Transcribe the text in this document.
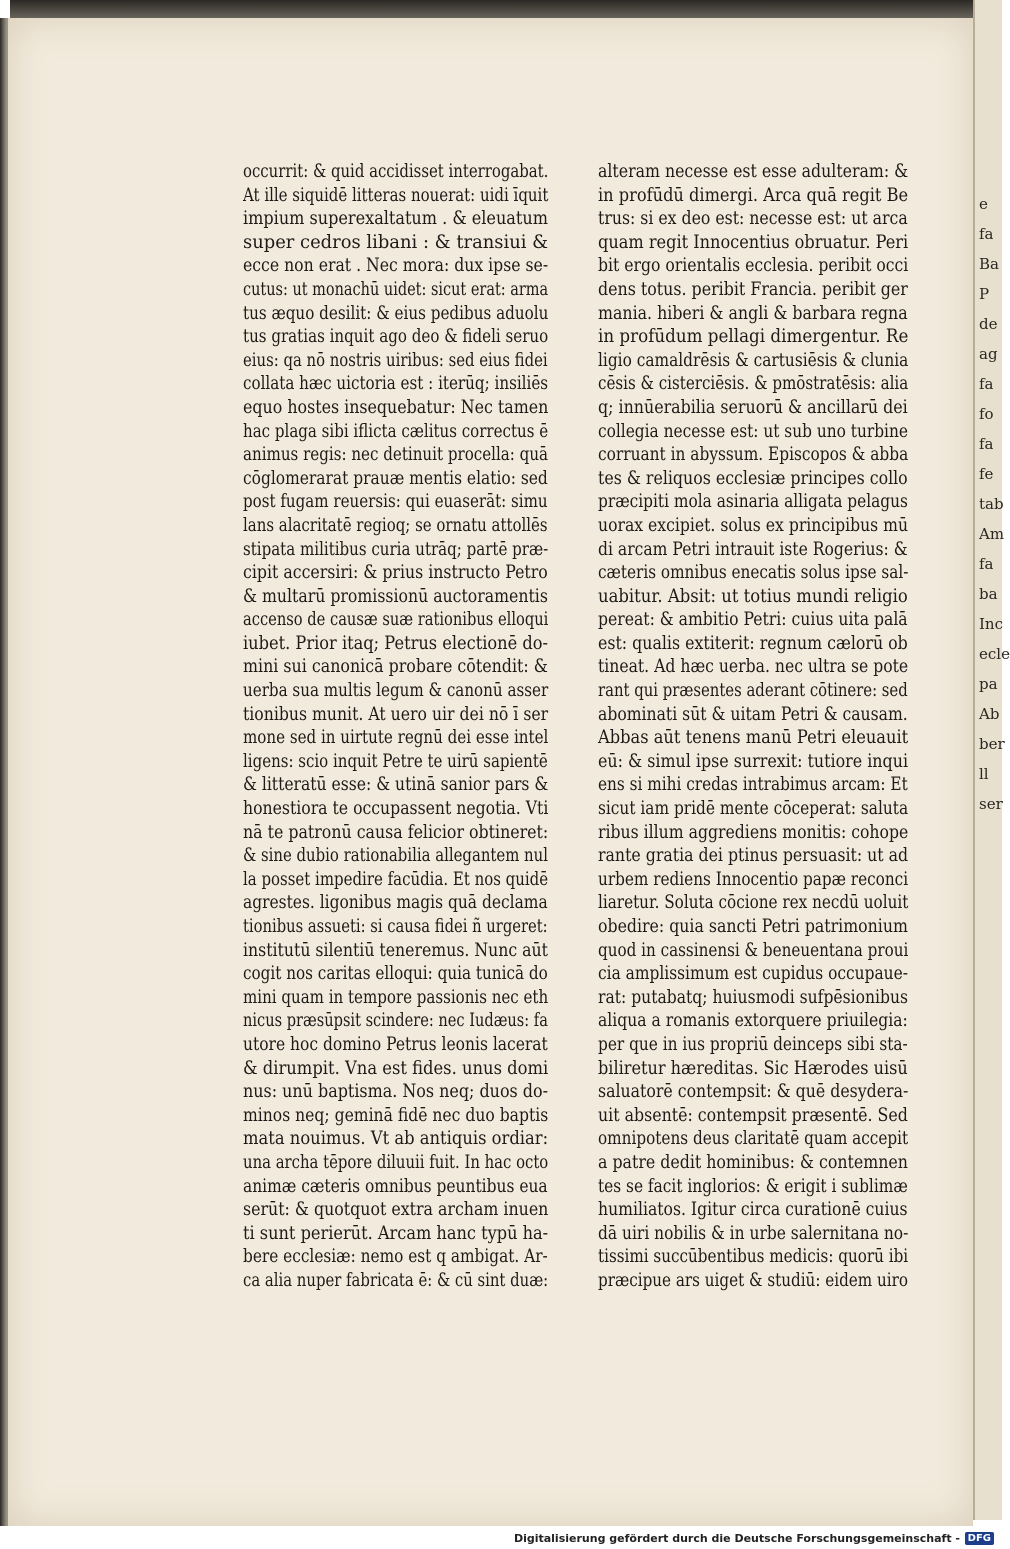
e
fa
Ba
P
de
ag
fa
fo
fa
fe
tab
Am
fa
ba
Inc
ecle
pa
Ab
ber
ll
ser
occurrit: & quid accidisset interrogabat.
At ille siquidē litteras nouerat: uidi īquit
impium superexaltatum . & eleuatum
super cedros libani : & transiui &
ecce non erat . Nec mora: dux ipse se-
cutus: ut monachū uidet: sicut erat: arma
tus æquo desilit: & eius pedibus aduolu
tus gratias inquit ago deo & fideli seruo
eius: qa nō nostris uiribus: sed eius fidei
collata hæc uictoria est : iterūq; insiliēs
equo hostes insequebatur: Nec tamen
hac plaga sibi iflicta cælitus correctus ē
animus regis: nec detinuit procella: quā
cōglomerarat prauæ mentis elatio: sed
post fugam reuersis: qui euaserāt: simu
lans alacritatē regioq; se ornatu attollēs
stipata militibus curia utrāq; partē præ-
cipit accersiri: & prius instructo Petro
& multarū promissionū auctoramentis
accenso de causæ suæ rationibus elloqui
iubet. Prior itaq; Petrus electionē do-
mini sui canonicā probare cōtendit: &
uerba sua multis legum & canonū asser
tionibus munit. At uero uir dei nō ī ser
mone sed in uirtute regnū dei esse intel
ligens: scio inquit Petre te uirū sapientē
& litteratū esse: & utinā sanior pars &
honestiora te occupassent negotia. Vti
nā te patronū causa felicior obtineret:
& sine dubio rationabilia allegantem nul
la posset impedire facūdia. Et nos quidē
agrestes. ligonibus magis quā declama
tionibus assueti: si causa fidei ñ urgeret:
institutū silentiū teneremus. Nunc aūt
cogit nos caritas elloqui: quia tunicā do
mini quam in tempore passionis nec eth
nicus præsūpsit scindere: nec Iudæus: fa
utore hoc domino Petrus leonis lacerat
& dirumpit. Vna est fides. unus domi
nus: unū baptisma. Nos neq; duos do-
minos neq; geminā fidē nec duo baptis
mata nouimus. Vt ab antiquis ordiar:
una archa tēpore diluuii fuit. In hac octo
animæ cæteris omnibus peuntibus eua
serūt: & quotquot extra archam inuen
ti sunt perierūt. Arcam hanc typū ha-
bere ecclesiæ: nemo est q ambigat. Ar-
ca alia nuper fabricata ē: & cū sint duæ:
alteram necesse est esse adulteram: &
in profūdū dimergi. Arca quā regit Be
trus: si ex deo est: necesse est: ut arca
quam regit Innocentius obruatur. Peri
bit ergo orientalis ecclesia. peribit occi
dens totus. peribit Francia. peribit ger
mania. hiberi & angli & barbara regna
in profūdum pellagi dimergentur. Re
ligio camaldrēsis & cartusiēsis & clunia
cēsis & cisterciēsis. & pmōstratēsis: alia
q; innūerabilia seruorū & ancillarū dei
collegia necesse est: ut sub uno turbine
corruant in abyssum. Episcopos & abba
tes & reliquos ecclesiæ principes collo
præcipiti mola asinaria alligata pelagus
uorax excipiet. solus ex principibus mū
di arcam Petri intrauit iste Rogerius: &
cæteris omnibus enecatis solus ipse sal-
uabitur. Absit: ut totius mundi religio
pereat: & ambitio Petri: cuius uita palā
est: qualis extiterit: regnum cælorū ob
tineat. Ad hæc uerba. nec ultra se pote
rant qui præsentes aderant cōtinere: sed
abominati sūt & uitam Petri & causam.
Abbas aūt tenens manū Petri eleuauit
eū: & simul ipse surrexit: tutiore inqui
ens si mihi credas intrabimus arcam: Et
sicut iam pridē mente cōceperat: saluta
ribus illum aggrediens monitis: cohope
rante gratia dei ptinus persuasit: ut ad
urbem rediens Innocentio papæ reconci
liaretur. Soluta cōcione rex necdū uoluit
obedire: quia sancti Petri patrimonium
quod in cassinensi & beneuentana proui
cia amplissimum est cupidus occupaue-
rat: putabatq; huiusmodi sufpēsionibus
aliqua a romanis extorquere priuilegia:
per que in ius propriū deinceps sibi sta-
biliretur hæreditas. Sic Hærodes uisū
saluatorē contempsit: & quē desydera-
uit absentē: contempsit præsentē. Sed
omnipotens deus claritatē quam accepit
a patre dedit hominibus: & contemnen
tes se facit inglorios: & erigit i sublimæ
humiliatos. Igitur circa curationē cuius
dā uiri nobilis & in urbe salernitana no-
tissimi succūbentibus medicis: quorū ibi
præcipue ars uiget & studiū: eidem uiro
Digitalisierung gefördert durch die Deutsche Forschungsgemeinschaft - DFG
